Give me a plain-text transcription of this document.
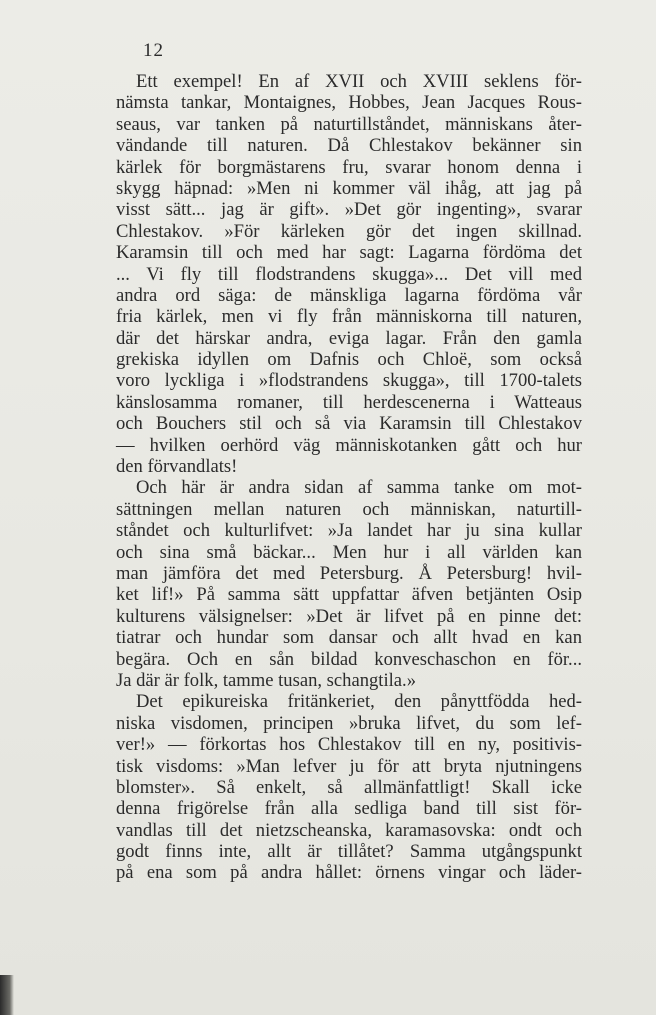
12
Ett exempel! En af XVII och XVIII seklens för-
nämsta tankar, Montaignes, Hobbes, Jean Jacques Rous-
seaus, var tanken på naturtillståndet, människans åter-
vändande till naturen. Då Chlestakov bekänner sin
kärlek för borgmästarens fru, svarar honom denna i
skygg häpnad: »Men ni kommer väl ihåg, att jag på
visst sätt... jag är gift». »Det gör ingenting», svarar
Chlestakov. »För kärleken gör det ingen skillnad.
Karamsin till och med har sagt: Lagarna fördöma det
... Vi fly till flodstrandens skugga»... Det vill med
andra ord säga: de mänskliga lagarna fördöma vår
fria kärlek, men vi fly från människorna till naturen,
där det härskar andra, eviga lagar. Från den gamla
grekiska idyllen om Dafnis och Chloë, som också
voro lyckliga i »flodstrandens skugga», till 1700-talets
känslosamma romaner, till herdescenerna i Watteaus
och Bouchers stil och så via Karamsin till Chlestakov
— hvilken oerhörd väg människotanken gått och hur
den förvandlats!
Och här är andra sidan af samma tanke om mot-
sättningen mellan naturen och människan, naturtill-
ståndet och kulturlifvet: »Ja landet har ju sina kullar
och sina små bäckar... Men hur i all världen kan
man jämföra det med Petersburg. Å Petersburg! hvil-
ket lif!» På samma sätt uppfattar äfven betjänten Osip
kulturens välsignelser: »Det är lifvet på en pinne det:
tiatrar och hundar som dansar och allt hvad en kan
begära. Och en sån bildad konveschaschon en för...
Ja där är folk, tamme tusan, schangtila.»
Det epikureiska fritänkeriet, den pånyttfödda hed-
niska visdomen, principen »bruka lifvet, du som lef-
ver!» — förkortas hos Chlestakov till en ny, positivis-
tisk visdoms: »Man lefver ju för att bryta njutningens
blomster». Så enkelt, så allmänfattligt! Skall icke
denna frigörelse från alla sedliga band till sist för-
vandlas till det nietzscheanska, karamasovska: ondt och
godt finns inte, allt är tillåtet? Samma utgångspunkt
på ena som på andra hållet: örnens vingar och läder-
